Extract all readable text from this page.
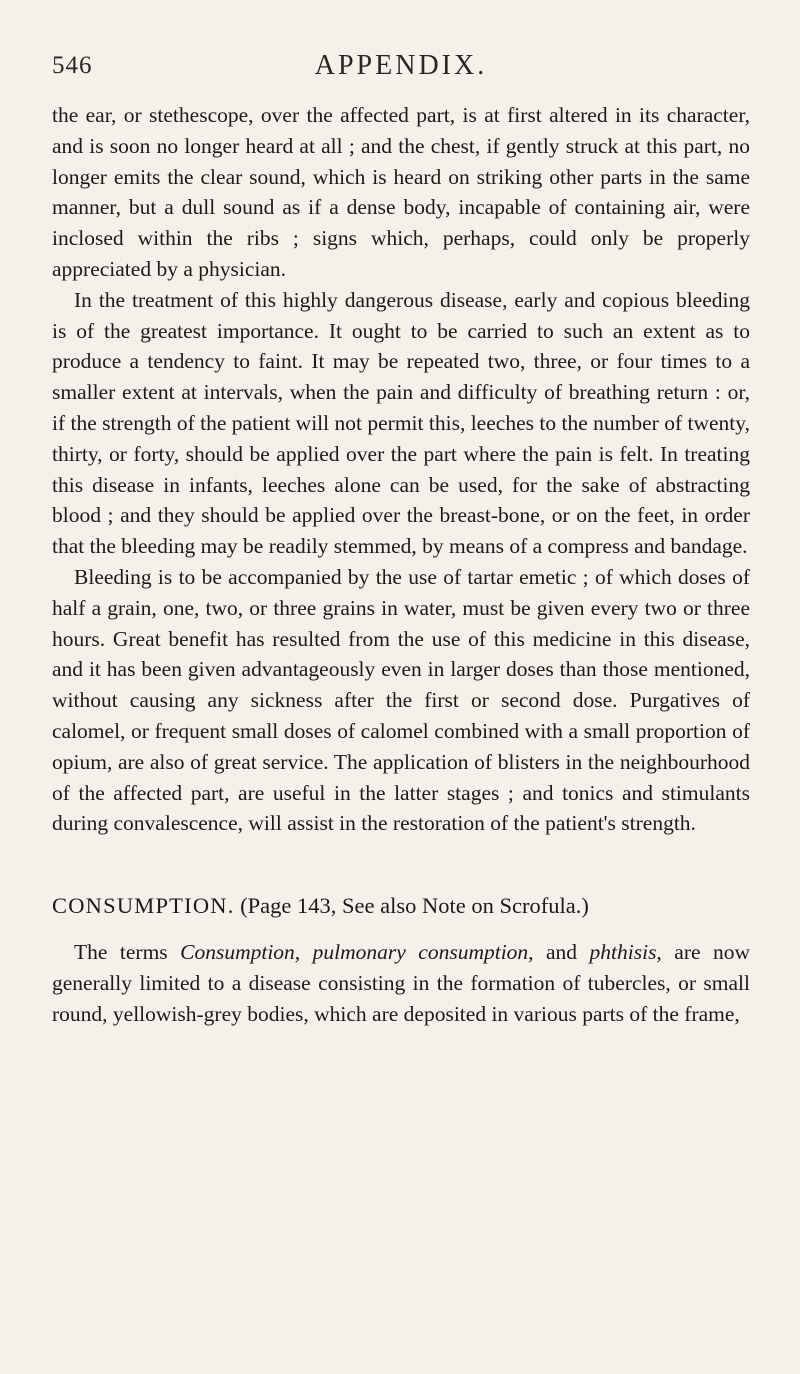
546	APPENDIX.

the ear, or stethescope, over the affected part, is at first altered in its character, and is soon no longer heard at all ; and the chest, if gently struck at this part, no longer emits the clear sound, which is heard on striking other parts in the same manner, but a dull sound as if a dense body, incapable of containing air, were inclosed within the ribs ; signs which, perhaps, could only be properly appreciated by a physician.

In the treatment of this highly dangerous disease, early and copious bleeding is of the greatest importance. It ought to be carried to such an extent as to produce a tendency to faint. It may be repeated two, three, or four times to a smaller extent at intervals, when the pain and difficulty of breathing return : or, if the strength of the patient will not permit this, leeches to the number of twenty, thirty, or forty, should be applied over the part where the pain is felt. In treating this disease in infants, leeches alone can be used, for the sake of abstracting blood ; and they should be applied over the breast-bone, or on the feet, in order that the bleeding may be readily stemmed, by means of a compress and bandage.

Bleeding is to be accompanied by the use of tartar emetic ; of which doses of half a grain, one, two, or three grains in water, must be given every two or three hours. Great benefit has resulted from the use of this medicine in this disease, and it has been given advantageously even in larger doses than those mentioned, without causing any sickness after the first or second dose. Purgatives of calomel, or frequent small doses of calomel combined with a small proportion of opium, are also of great service. The application of blisters in the neighbourhood of the affected part, are useful in the latter stages ; and tonics and stimulants during convalescence, will assist in the restoration of the patient's strength.

CONSUMPTION. (Page 143, See also Note on Scrofula.)

The terms Consumption, pulmonary consumption, and phthisis, are now generally limited to a disease consisting in the formation of tubercles, or small round, yellowish-grey bodies, which are deposited in various parts of the frame,
